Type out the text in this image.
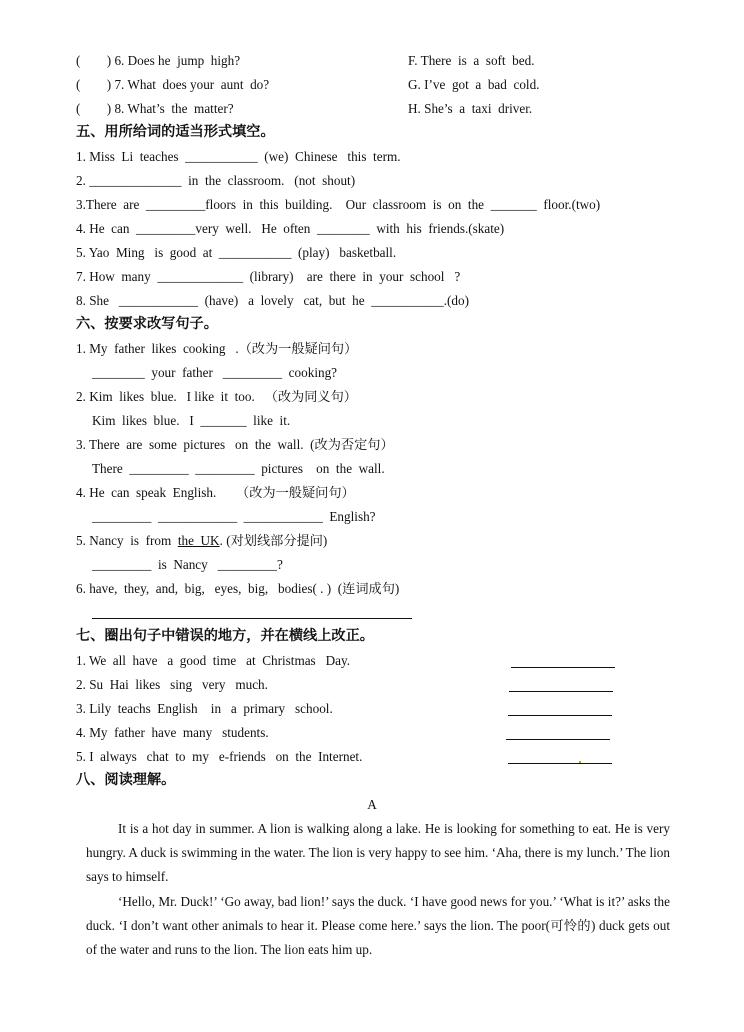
(        ) 6. Does he  jump  high?	F. There  is  a  soft  bed.
(        ) 7. What  does your  aunt  do?	G. I’ve  got  a  bad  cold.
(        ) 8. What’s  the  matter?	H. She’s  a  taxi  driver.
五、用所给词的适当形式填空。
1. Miss  Li  teaches  ___________  (we)  Chinese   this  term.
2. ______________  in  the  classroom.   (not  shout)
3.There  are  _________floors  in  this  building.    Our  classroom  is  on  the  _______  floor.(two)
4. He  can  _________very  well.   He  often  ________  with  his  friends.(skate)
5. Yao  Ming   is  good  at  ___________  (play)   basketball.
7. How  many  _____________  (library)    are  there  in  your  school   ?
8. She   ____________  (have)   a  lovely   cat,  but  he  ___________.(do)
六、按要求改写句子。
1. My  father  likes  cooking   .（改为一般疑问句）
________  your  father   _________  cooking?
2. Kim  likes  blue.   I like  it  too.   （改为同义句）
Kim  likes  blue.   I  _______  like  it.
3. There  are  some  pictures   on  the  wall.  (改为否定句）
There  _________  _________  pictures    on  the  wall.
4. He  can  speak  English.      （改为一般疑问句）
_________  ____________  ____________  English?
5. Nancy  is  from  the  UK. (对划线部分提问)
_________  is  Nancy   _________?
6. have,  they,  and,  big,   eyes,  big,   bodies( . )  (连词成句)
七、圈出句子中错误的地方，并在横线上改正。
1. We  all  have   a  good  time   at  Christmas   Day.
2. Su  Hai  likes   sing   very   much.
3. Lily  teachs  English    in   a  primary   school.
4. My  father  have  many   students.
5. I  always   chat  to  my   e-friends   on  the  Internet.
八、阅读理解。
A
It is a hot day in summer. A lion is walking along a lake. He is looking for something to eat. He is very hungry. A duck is swimming in the water. The lion is very happy to see him. ‘Aha, there is my lunch.’ The lion says to himself.
‘Hello, Mr. Duck!’ ‘Go away, bad lion!’ says the duck. ‘I have good news for you.’ ‘What is it?’ asks the duck. ‘I don’t want other animals to hear it. Please come here.’ says the lion. The poor(可怜的) duck gets out of the water and runs to the lion. The lion eats him up.
